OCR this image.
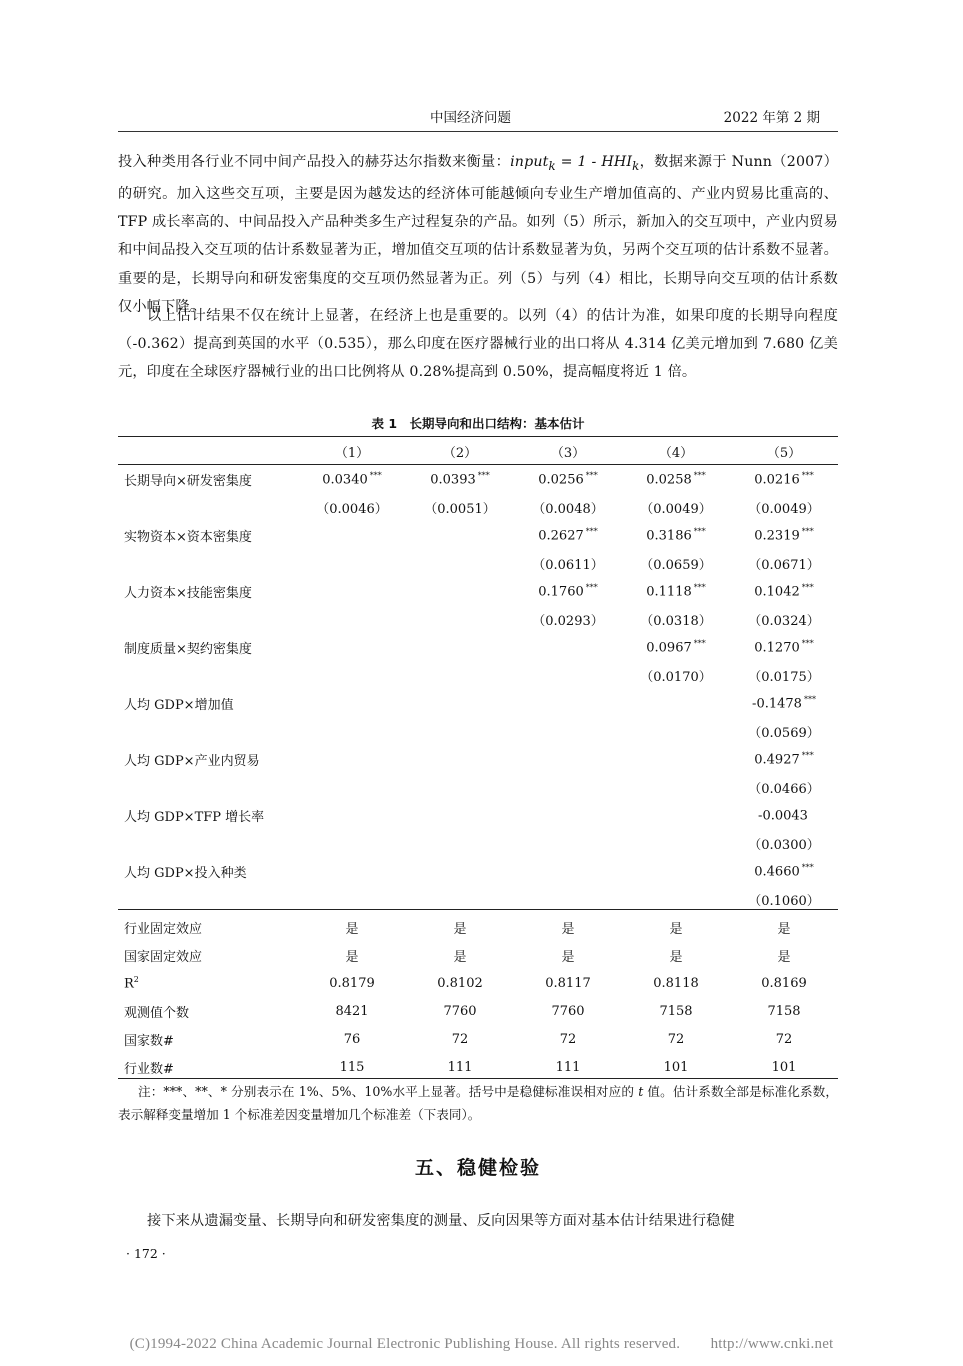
中国经济问题	2022 年第 2 期

投入种类用各行业不同中间产品投入的赫芬达尔指数来衡量：input$_k$ = $1 - HHI_k$，数据来源于 Nunn（2007）的研究。加入这些交互项，主要是因为越发达的经济体可能越倾向专业生产增加值高的、产业内贸易比重高的、TFP 成长率高的、中间品投入产品种类多生产过程复杂的产品。如列（5）所示，新加入的交互项中，产业内贸易和中间品投入交互项的估计系数显著为正，增加值交互项的估计系数显著为负，另两个交互项的估计系数不显著。重要的是，长期导向和研发密集度的交互项仍然显著为正。列（5）与列（4）相比，长期导向交互项的估计系数仅小幅下降。

以上估计结果不仅在统计上显著，在经济上也是重要的。以列（4）的估计为准，如果印度的长期导向程度（-0.362）提高到英国的水平（0.535），那么印度在医疗器械行业的出口将从 4.314 亿美元增加到 7.680 亿美元，印度在全球医疗器械行业的出口比例将从 0.28%提高到 0.50%，提高幅度将近 1 倍。

表 1　长期导向和出口结构：基本估计
	（1）	（2）	（3）	（4）	（5）
长期导向×研发密集度	0.0340 ***	0.0393 ***	0.0256 ***	0.0258 ***	0.0216 ***
	（0.0046）	（0.0051）	（0.0048）	（0.0049）	（0.0049）
实物资本×资本密集度			0.2627 ***	0.3186 ***	0.2319 ***
			（0.0611）	（0.0659）	（0.0671）
人力资本×技能密集度			0.1760 ***	0.1118 ***	0.1042 ***
			（0.0293）	（0.0318）	（0.0324）
制度质量×契约密集度				0.0967 ***	0.1270 ***
				（0.0170）	（0.0175）
人均 GDP×增加值					-0.1478 ***
					（0.0569）
人均 GDP×产业内贸易					0.4927 ***
					（0.0466）
人均 GDP×TFP 增长率					-0.0043
					（0.0300）
人均 GDP×投入种类					0.4660 ***
					（0.1060）
行业固定效应	是	是	是	是	是
国家固定效应	是	是	是	是	是
$R^2$	0.8179	0.8102	0.8117	0.8118	0.8169
观测值个数	8421	7760	7760	7158	7158
国家数#	76	72	72	72	72
行业数#	115	111	111	101	101

注：***、**、* 分别表示在 1%、5%、10%水平上显著。括号中是稳健标准误相对应的 t 值。估计系数全部是标准化系数，表示解释变量增加 1 个标准差因变量增加几个标准差（下表同）。

五、稳健检验

接下来从遗漏变量、长期导向和研发密集度的测量、反向因果等方面对基本估计结果进行稳健

· 172 ·
(C)1994-2022 China Academic Journal Electronic Publishing House. All rights reserved.　　http://www.cnki.net
